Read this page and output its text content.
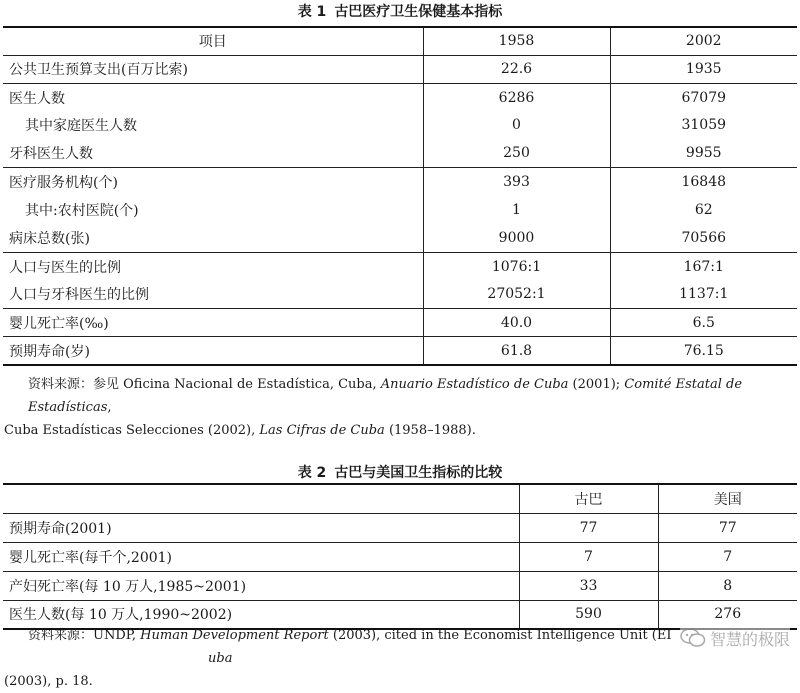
表 1 古巴医疗卫生保健基本指标
项目	1958	2002
公共卫生预算支出(百万比索)	22.6	1935
医生人数	6286	67079
其中家庭医生人数	0	31059
牙科医生人数	250	9955
医疗服务机构(个)	393	16848
其中:农村医院(个)	1	62
病床总数(张)	9000	70566
人口与医生的比例	1076:1	167:1
人口与牙科医生的比例	27052:1	1137:1
婴儿死亡率(‰)	40.0	6.5
预期寿命(岁)	61.8	76.15
资料来源：参见 Oficina Nacional de Estadística, Cuba, Anuario Estadístico de Cuba (2001); Comité Estatal de Estadísticas,
Cuba Estadísticas Selecciones (2002), Las Cifras de Cuba (1958–1988).
表 2 古巴与美国卫生指标的比较
	古巴	美国
预期寿命(2001)	77	77
婴儿死亡率(每千个,2001)	7	7
产妇死亡率(每 10 万人,1985~2001)	33	8
医生人数(每 10 万人,1990~2002)	590	276
资料来源：UNDP, Human Development Report (2003), cited in the Economist Intelligence Unit (EIuba
(2003), p. 18.
智慧的极限
